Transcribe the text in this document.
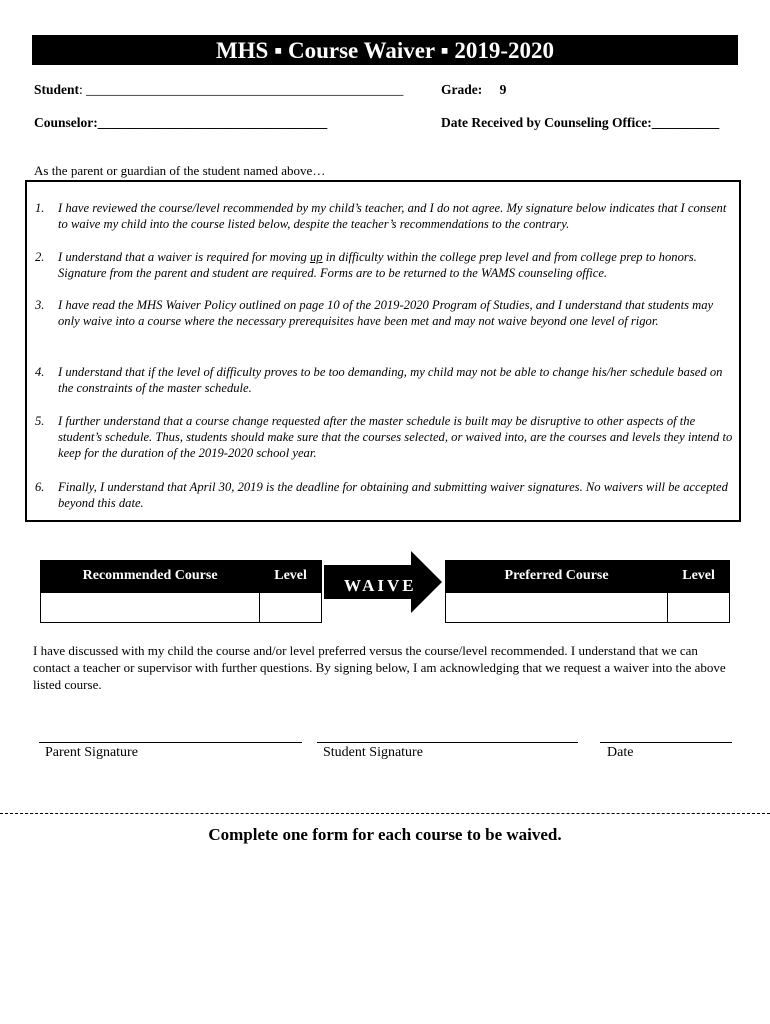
MHS ▪ Course Waiver ▪ 2019-2020
Student: _______________________________________________	Grade: 9
Counselor:__________________________________	Date Received by Counseling Office:__________
As the parent or guardian of the student named above…
1. I have reviewed the course/level recommended by my child’s teacher, and I do not agree. My signature below indicates that I consent to waive my child into the course listed below, despite the teacher’s recommendations to the contrary.
2. I understand that a waiver is required for moving up in difficulty within the college prep level and from college prep to honors. Signature from the parent and student are required. Forms are to be returned to the WAMS counseling office.
3. I have read the MHS Waiver Policy outlined on page 10 of the 2019-2020 Program of Studies, and I understand that students may only waive into a course where the necessary prerequisites have been met and may not waive beyond one level of rigor.
4. I understand that if the level of difficulty proves to be too demanding, my child may not be able to change his/her schedule based on the constraints of the master schedule.
5. I further understand that a course change requested after the master schedule is built may be disruptive to other aspects of the student’s schedule. Thus, students should make sure that the courses selected, or waived into, are the courses and levels they intend to keep for the duration of the 2019-2020 school year.
6. Finally, I understand that April 30, 2019 is the deadline for obtaining and submitting waiver signatures. No waivers will be accepted beyond this date.
Recommended Course	Level

WAIVE
Preferred Course	Level

I have discussed with my child the course and/or level preferred versus the course/level recommended. I understand that we can contact a teacher or supervisor with further questions. By signing below, I am acknowledging that we request a waiver into the above listed course.
Parent Signature	Student Signature	Date
Complete one form for each course to be waived.
